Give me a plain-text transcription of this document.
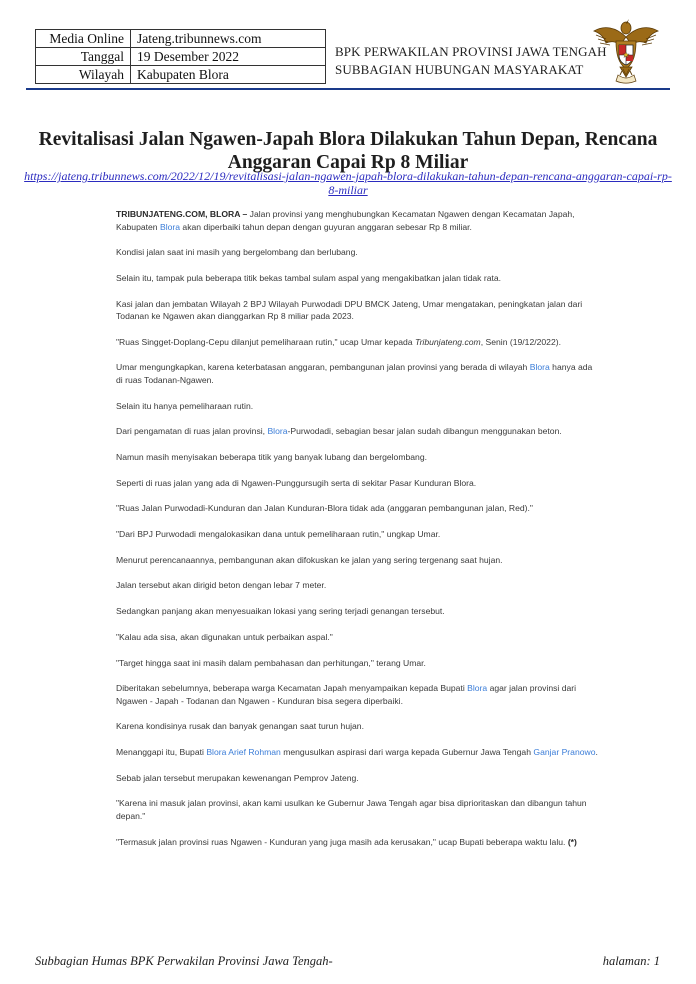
Media Online	Jateng.tribunnews.com
Tanggal	19 Desember 2022
Wilayah	Kabupaten Blora
BPK PERWAKILAN PROVINSI JAWA TENGAH
SUBBAGIAN HUBUNGAN MASYARAKAT
Revitalisasi Jalan Ngawen-Japah Blora Dilakukan Tahun Depan, Rencana Anggaran Capai Rp 8 Miliar
https://jateng.tribunnews.com/2022/12/19/revitalisasi-jalan-ngawen-japah-blora-dilakukan-tahun-depan-rencana-anggaran-capai-rp-8-miliar

TRIBUNJATENG.COM, BLORA – Jalan provinsi yang menghubungkan Kecamatan Ngawen dengan Kecamatan Japah, Kabupaten Blora akan diperbaiki tahun depan dengan guyuran anggaran sebesar Rp 8 miliar.

Kondisi jalan saat ini masih yang bergelombang dan berlubang.

Selain itu, tampak pula beberapa titik bekas tambal sulam aspal yang mengakibatkan jalan tidak rata.

Kasi jalan dan jembatan Wilayah 2 BPJ Wilayah Purwodadi DPU BMCK Jateng, Umar mengatakan, peningkatan jalan dari Todanan ke Ngawen akan dianggarkan Rp 8 miliar pada 2023.

"Ruas Singget-Doplang-Cepu dilanjut pemeliharaan rutin," ucap Umar kepada Tribunjateng.com, Senin (19/12/2022).

Umar mengungkapkan, karena keterbatasan anggaran, pembangunan jalan provinsi yang berada di wilayah Blora hanya ada di ruas Todanan-Ngawen.

Selain itu hanya pemeliharaan rutin.

Dari pengamatan di ruas jalan provinsi, Blora-Purwodadi, sebagian besar jalan sudah dibangun menggunakan beton.

Namun masih menyisakan beberapa titik yang banyak lubang dan bergelombang.

Seperti di ruas jalan yang ada di Ngawen-Punggursugih serta di sekitar Pasar Kunduran Blora.

"Ruas Jalan Purwodadi-Kunduran dan Jalan Kunduran-Blora tidak ada (anggaran pembangunan jalan, Red)."

"Dari BPJ Purwodadi mengalokasikan dana untuk pemeliharaan rutin," ungkap Umar.

Menurut perencanaannya, pembangunan akan difokuskan ke jalan yang sering tergenang saat hujan.

Jalan tersebut akan dirigid beton dengan lebar 7 meter.

Sedangkan panjang akan menyesuaikan lokasi yang sering terjadi genangan tersebut.

"Kalau ada sisa, akan digunakan untuk perbaikan aspal."

"Target hingga saat ini masih dalam pembahasan dan perhitungan," terang Umar.

Diberitakan sebelumnya, beberapa warga Kecamatan Japah menyampaikan kepada Bupati Blora agar jalan provinsi dari Ngawen - Japah - Todanan dan Ngawen - Kunduran bisa segera diperbaiki.

Karena kondisinya rusak dan banyak genangan saat turun hujan.

Menanggapi itu, Bupati Blora Arief Rohman mengusulkan aspirasi dari warga kepada Gubernur Jawa Tengah Ganjar Pranowo.

Sebab jalan tersebut merupakan kewenangan Pemprov Jateng.

"Karena ini masuk jalan provinsi, akan kami usulkan ke Gubernur Jawa Tengah agar bisa diprioritaskan dan dibangun tahun depan."

"Termasuk jalan provinsi ruas Ngawen - Kunduran yang juga masih ada kerusakan," ucap Bupati beberapa waktu lalu. (*)

Subbagian Humas BPK Perwakilan Provinsi Jawa Tengah-	halaman: 1
